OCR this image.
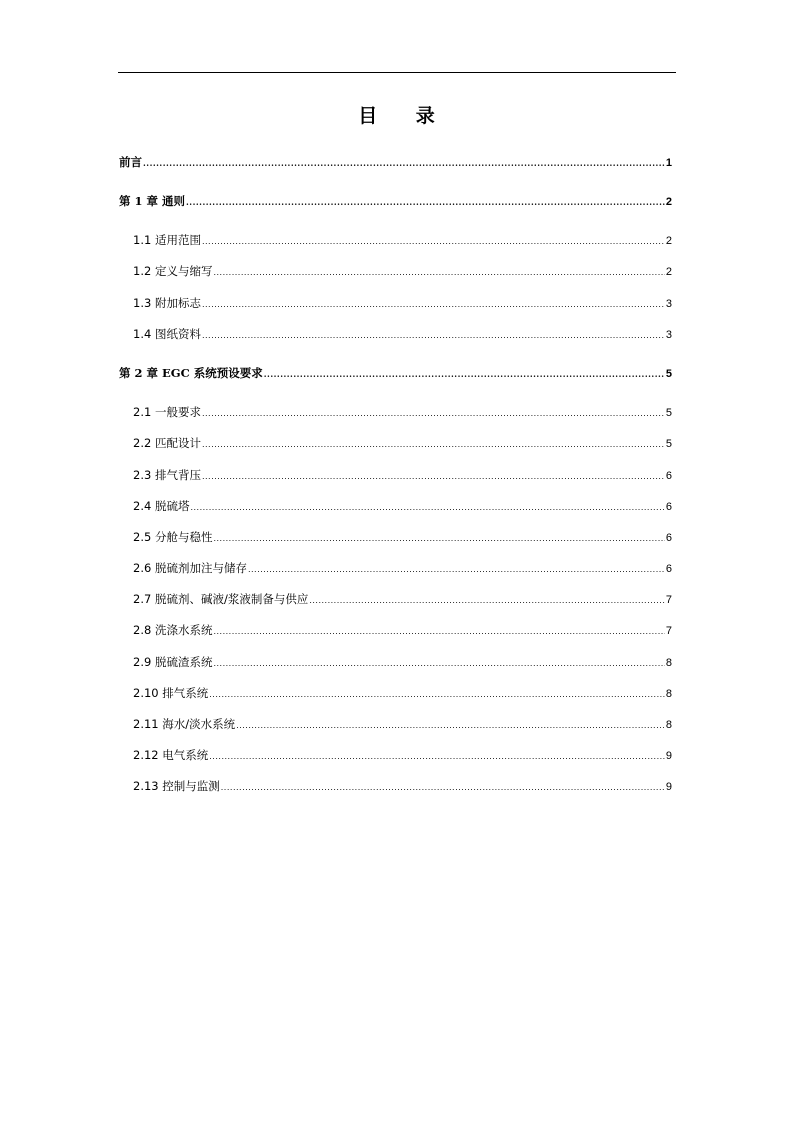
目 录
前言 .....	1
第 1 章 通则 .....	2
1.1 适用范围 .....	2
1.2 定义与缩写 .....	2
1.3 附加标志 .....	3
1.4 图纸资料 .....	3
第 2 章 EGC 系统预设要求 .....	5
2.1 一般要求 .....	5
2.2 匹配设计 .....	5
2.3 排气背压 .....	6
2.4 脱硫塔 .....	6
2.5 分舱与稳性 .....	6
2.6 脱硫剂加注与储存 .....	6
2.7 脱硫剂、碱液/浆液制备与供应 .....	7
2.8 洗涤水系统 .....	7
2.9 脱硫渣系统 .....	8
2.10 排气系统 .....	8
2.11 海水/淡水系统 .....	8
2.12 电气系统 .....	9
2.13 控制与监测 .....	9
